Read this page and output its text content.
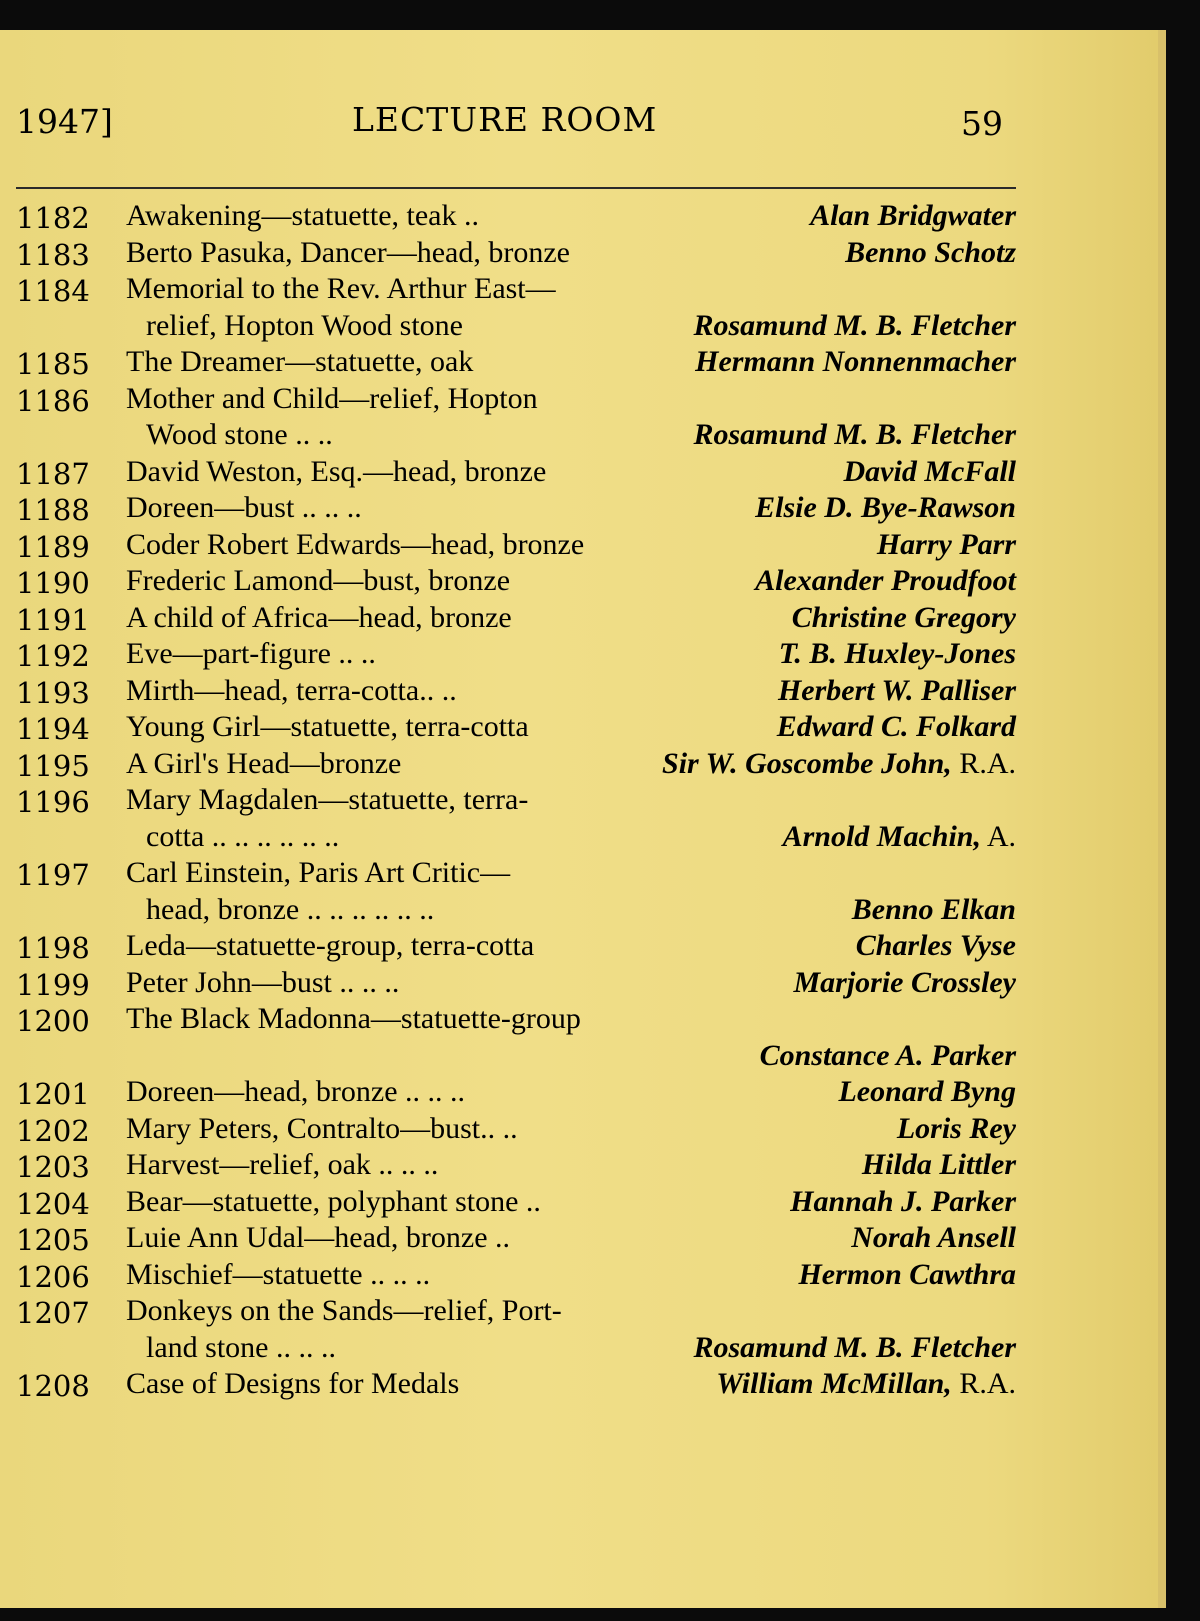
1947]	LECTURE ROOM	59
1182 Awakening—statuette, teak ..	Alan Bridgwater
1183 Berto Pasuka, Dancer—head, bronze	Benno Schotz
1184 Memorial to the Rev. Arthur East—
relief, Hopton Wood stone	Rosamund M. B. Fletcher
1185 The Dreamer—statuette, oak	Hermann Nonnenmacher
1186 Mother and Child—relief, Hopton
Wood stone .. ..	Rosamund M. B. Fletcher
1187 David Weston, Esq.—head, bronze	David McFall
1188 Doreen—bust .. .. ..	Elsie D. Bye-Rawson
1189 Coder Robert Edwards—head, bronze	Harry Parr
1190 Frederic Lamond—bust, bronze	Alexander Proudfoot
1191 A child of Africa—head, bronze	Christine Gregory
1192 Eve—part-figure .. ..	T. B. Huxley-Jones
1193 Mirth—head, terra-cotta.. ..	Herbert W. Palliser
1194 Young Girl—statuette, terra-cotta	Edward C. Folkard
1195 A Girl's Head—bronze	Sir W. Goscombe John, R.A.
1196 Mary Magdalen—statuette, terra-
cotta .. .. .. .. .. ..	Arnold Machin, A.
1197 Carl Einstein, Paris Art Critic—
head, bronze .. .. .. .. .. ..	Benno Elkan
1198 Leda—statuette-group, terra-cotta	Charles Vyse
1199 Peter John—bust .. .. ..	Marjorie Crossley
1200 The Black Madonna—statuette-group
Constance A. Parker
1201 Doreen—head, bronze .. .. ..	Leonard Byng
1202 Mary Peters, Contralto—bust.. ..	Loris Rey
1203 Harvest—relief, oak .. .. ..	Hilda Littler
1204 Bear—statuette, polyphant stone ..	Hannah J. Parker
1205 Luie Ann Udal—head, bronze ..	Norah Ansell
1206 Mischief—statuette .. .. ..	Hermon Cawthra
1207 Donkeys on the Sands—relief, Port-
land stone .. .. ..	Rosamund M. B. Fletcher
1208 Case of Designs for Medals	William McMillan, R.A.
